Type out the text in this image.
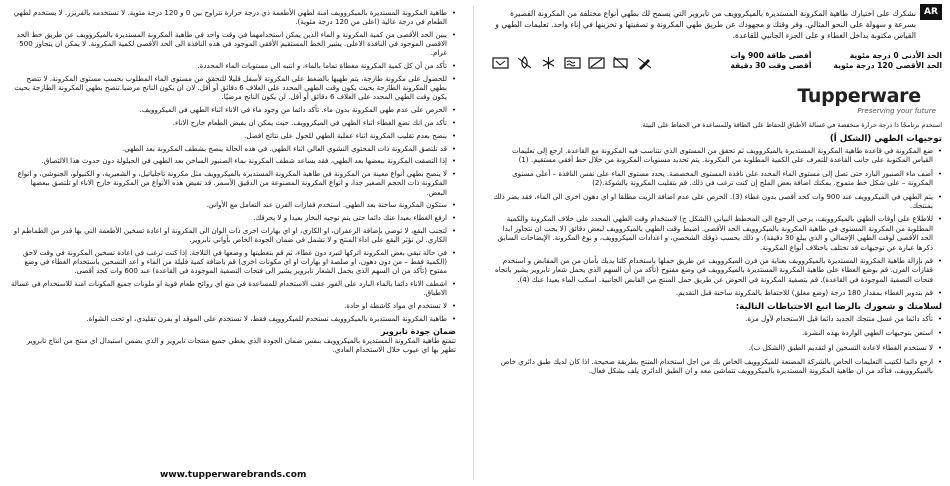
AR

نشكرك على اختيارك طاهية المكرونة المستديرة بالميكروويف من تابروير التي يسمح لك بطهي أنواع مختلفة من المكرونة القصيرة بسرعة و سهولة على النحو المثالي. وفر وقتك و مجهودك عن طريق طهي المكرونة و تصفيتها و تخزينها في إناء واحد. تعليمات الطهي و القياس مكتوبة بداخل الغطاء و على الجزء الجانبي للقاعدة.

الحد الأدنى 0 درجة مئوية
الحد الأقصى 120 درجة مئوية
أقصى طاقة 900 وات
أقصى وقت 30 دقيقة
Tupperware
Preserving your future

استخدم برنامجًا ذا درجة حرارة منخفضة في غسالة الأطباق للحفاظ على الطاقة وللمساعدة في الحفاظ على البيئة.

توجيهات الطهي (الشكل أ)
• ضع المكرونة في قاعدة طاهية المكرونة المستديرة بالميكروويف ثم تحقق من المستوى الذي تتناسب فيه المكرونة مع القاعدة. ارجع إلى تعليمات القياس المكتوبة على جانب القاعدة للتعرف على الكمية المطلوبة من المكرونة. يتم تحديد مستويات المكرونة من خلال خط أفقي مستقيم. (1)
• أضف ماء الصنبور البارد حتى تصل إلى مستوى الماء المحدد على نافذة المستوى المخصصة. يحدد مستوى الماء على نفس النافذة – أعلى مستوى المكرونة – على شكل خط متموج. يمكنك اضافة بعض الملح إن كنت ترغب في ذلك. قم بتقليب المكرونة بالشوكة.(2)
• يتم الطهي في الميكروويف عند 900 وات كحد أقصى بدون غطاء (3). الحرص على عدم اضافة الزيت مطلقا او اي دهون اخرى الى الماء، فقد يضر ذلك بمنتجك.
• للاطلاع على أوقات الطهي بالميكروويف، يرجى الرجوع الى المخطط البياني (الشكل ج) لاستخدام وقت الطهي المحدد على خلاف المكرونة والكمية المطلوبة من المكرونة المستوى في طاهية المكرونة بالميكروويف الحد الأقصى. اضبط وقت الطهي بالميكروويف لبعض دقائق (لا يجب ان تتجاوز ابدا الحد الأقصى لوقت الطهي الإجمالي و الذي يبلغ 30 دقيقة). و ذلك بحسب ذوقك الشخصي، و اعدادات الميكروويف، و نوع المكرونة. الإيضاحات السابق ذكرها عبارة عن توجيهات قد تختلف باختلاف أنواع المكرونة.
• قم بإزالة طاهية المكرونة المستديرة بالميكروويف بعناية من فرن الميكروويف عن طريق حملها باستخدام كلتا يديك بأمان من من المقابض و استخدم قفازات الفرن. قم بوضع الغطاء على طاهية المكرونة المستديرة بالميكروويف في وضع مفتوح (تأكد من أن السهم الذي يحمل شعار تابروير يشير باتجاه فتحات التصفية الموجودة في القاعدة). قم بتصفية المكرونة في الحوض عن طريق حمل المنتج من القابض الجانبية. اسكب الماء بعيدا عنك (4).
• قم بتدوير الغطاء بمقدار 180 درجة (وضع مغلق) للاحتفاظ بالمكرونة ساخنة قبل التقديم.
لسلامتك و شعورك بالرضا اتبع الاحتياطات التالية:
• تأكد دائما من غسل منتجك الجديد دائما قبل الاستخدام لأول مرة.
• استعن بتوجيهات الطهي الواردة بهذه النشرة.
• لا تستخدم الغطاء لاعادة التسخين او لتقديم الطبق (الشكل ب).
• ارجع دائما لكتيب التعليمات الخاص بالشركة المصنعة للميكروويف الخاص بك من اجل استخدام المنتج بطريقة صحيحة. اذا كان لديك طبق دائري خاص بالميكروويف، فتأكد من ان طاهية المكرونة المستديرة بالميكروويف تتماشى معه و ان الطبق الدائري يلف بشكل فعال.
• طاهية المكرونة المستديرة بالميكروويف امنة لطهي الأطعمة ذي درجة حرارة تتراوح بين 0 و 120 درجة مئوية. لا تستخدمه بالفريزر. لا يستخدم لطهي الطعام في درجة عالية (اعلى من 120 درجة مئوية).
• يبين الحد الأقصى من كمية المكرونة و الماء الذين يمكن استخدامهما في وقت واحد في طاهية المكرونة المستديرة بالميكروويف عن طريق خط الحد الاقصى الموجود في النافذة الاعلى. يشير الخط المستقيم الأفقي الموجود في هذه النافذة الى الحد الأقصى لكمية المكرونة. لا يمكن ان يتجاوز 500 غرام.
• تأكد من أن كل كمية المكرونة مغطاة تماما بالماء، و انتبه الى مستويات الماء المحددة.
• للحصول على مكرونة طازجة، يتم طهيها بالضغط على المكرونة لأسفل قليلا للتحقق من مستوى الماء المطلوب بحسب مستوى المكرونة. لا تتصح بطهي المكرونة الطازجة بحيث يكون وقت الطهي المحدد على الغلاف 6 دقائق أو أقل. لان ان يكون الناتج مرضيا.تنصح بطهي المكرونة الطازجة بحيث يكون وقت الطهي المحدد على الغلاف 6 دقائق أو أقل. لن يكون الناتج مرضيًا.
• الحرص على عدم طهي المكرونة بدون ماء. تأكد دائما من وجود ماء في الاناء اثناء الطهي في الميكروويف.
• تأكد من انك تضع الغطاء اثناء الطهي في الميكروويف. حيث يمكن ان يفيض الطعام خارج الاناء.
• ينصح بعدم تقليب المكرونة اثناء عملية الطهي للحول على نتائج افضل.
• قد تلتصق المكرونة ذات المحتوى النشوي العالي اثناء الطهي. في هذه الحالة ينصح بشطف المكرونة بعد الطهي.
• إذا التصقت المكرونة ببعضها بعد الطهي، فقد يساعد شطف المكرونة بماء الصنبور الساخن بعد الطهي في الحيلولة دون حدوث هذا الالتصاق.
• لا ينصح بطهي أنواع معينة من المكرونة في طاهية المكرونة المستديرة بالميكروويف مثل مكرونة تاجلياتيل، و الشعيرية، و الكنيولو، الجنوشي، و انواع المكرونة ذات الحجم الصغير جدا، و انواع المكرونة المصنوعة من الدقيق الأسمر. قد تفيض هذه الأنواع من المكرونة خارج الاناء او تلتصق ببعضها البعض.
• ستكون المكرونة ساخنة بعد الطهي. استخدم قفازات الفرن عند التعامل مع الأواني.
• ارفع الغطاء بعيدا عنك دائما حتى يتم توجيه البخار بعيدا و لا يحرقك.
• لتجنب البقع، لا توصي بإضافة الزعفران، او الكاري، او اي بهارات اخرى ذات الوان الى المكرونة او اعادة تسخين الأطعمة التي بها قدر من الطماطم او الكاري. لن تؤثر البقع على اداء المنتج و لا تشمل في ضمان الجودة الخاص بأواني تابروير.
• في حالة تبقي بعض المكرونة اتركها لتبرد دون غطاء، ثم قم بتغطيتها و وضعها في الثلاجة. إذا كنت ترغب في اعادة تسخين المكرونة في وقت لاحق (الكمية فقط – من دون دهون، او صلصة او بهارات او اي مكونات اخرى) قم باضافة كمية قليلة من الماء و اعد التسخين باستخدام الغطاء في وضع مفتوح (تأكد من ان السهم الذي يحمل الشعار تابروير يشير الى فتحات التصفية الموجودة في القاعدة) عند 600 وات كحد أقصى.
• اشطف الاناء دائما بالماء البارد على الفور عقب الاستخدام للمساعدة في منع اي روائح طعام قوية او ملونات جميع المكونات امنة للاستخدام في غسالة الاطباق.
• لا تستخدم اي مواد كاشطة او حادة.
• طاهية المكرونة المستديرة بالميكروويف تستخدم للميكروويف فقط، لا تستخدم على الموقد او بفرن تقليدي، او تحت الشواة.
ضمان جودة تابروير

تتمتع طاهية المكرونة المستديرة بالميكروويف بنفس ضمان الجودة الذي يغطي جميع منتجات تابروير و الذي يضمن استبدال اي منتج من انتاج تابروير تظهر بها اي عيوب خلال الاستخدام العادي.

www.tupperwarebrands.com
